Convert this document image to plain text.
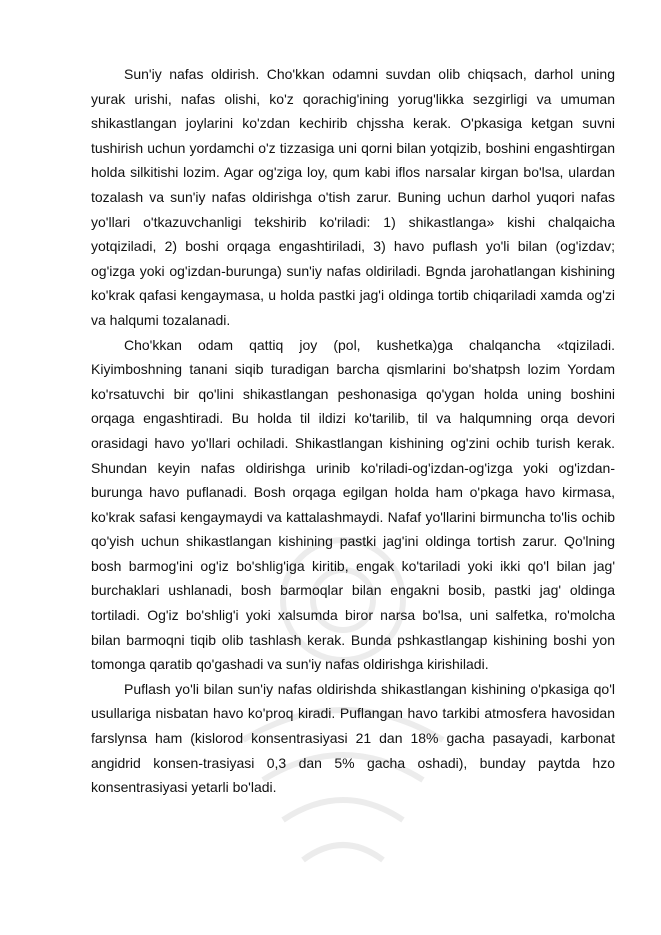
Sun'iy nafas oldirish. Cho'kkan odamni suvdan olib chiqsach, darhol uning yurak urishi, nafas olishi, ko'z qorachig'ining yorug'likka sezgirligi va umuman shikastlangan joylarini ko'zdan kechirib chjssha kerak. O'pkasiga ketgan suvni tushirish uchun yordamchi o'z tizzasiga uni qorni bilan yotqizib, boshini engashtirgan holda silkitishi lozim. Agar og'ziga loy, qum kabi iflos narsalar kirgan bo'lsa, ulardan tozalash va sun'iy nafas oldirishga o'tish zarur. Buning uchun darhol yuqori nafas yo'llari o'tkazuvchanligi tekshirib ko'riladi: 1) shikastlanga» kishi chalqaicha yotqiziladi, 2) boshi orqaga engashtiriladi, 3) havo puflash yo'li bilan (og'izdav; og'izga yoki og'izdan-burunga) sun'iy nafas oldiriladi. Bgnda jarohatlangan kishining ko'krak qafasi kengaymasa, u holda pastki jag'i oldinga tortib chiqariladi xamda og'zi va halqumi tozalanadi.

Cho'kkan odam qattiq joy (pol, kushetka)ga chalqancha «tqiziladi. Kiyimboshning tanani siqib turadigan barcha qismlarini bo'shatpsh lozim Yordam ko'rsatuvchi bir qo'lini shikastlangan peshonasiga qo'ygan holda uning boshini orqaga engashtiradi. Bu holda til ildizi ko'tarilib, til va halqumning orqa devori orasidagi havo yo'llari ochiladi. Shikastlangan kishining og'zini ochib turish kerak. Shundan keyin nafas oldirishga urinib ko'riladi-og'izdan-og'izga yoki og'izdan-burunga havo puflanadi. Bosh orqaga egilgan holda ham o'pkaga havo kirmasa, ko'krak safasi kengaymaydi va kattalashmaydi. Nafaf yo'llarini birmuncha to'lis ochib qo'yish uchun shikastlangan kishining pastki jag'ini oldinga tortish zarur. Qo'lning bosh barmog'ini og'iz bo'shlig'iga kiritib, engak ko'tariladi yoki ikki qo'l bilan jag' burchaklari ushlanadi, bosh barmoqlar bilan engakni bosib, pastki jag' oldinga tortiladi. Og'iz bo'shlig'i yoki xalsumda biror narsa bo'lsa, uni salfetka, ro'molcha bilan barmoqni tiqib olib tashlash kerak. Bunda pshkastlangap kishining boshi yon tomonga qaratib qo'gashadi va sun'iy nafas oldirishga kirishiladi.

Puflash yo'li bilan sun'iy nafas oldirishda shikastlangan kishining o'pkasiga qo'l usullariga nisbatan havo ko'proq kiradi. Puflangan havo tarkibi atmosfera havosidan farslynsa ham (kislorod konsentrasiyasi 21 dan 18% gacha pasayadi, karbonat angidrid konsen-trasiyasi 0,3 dan 5% gacha oshadi), bunday paytda hzo konsentrasiyasi yetarli bo'ladi.
